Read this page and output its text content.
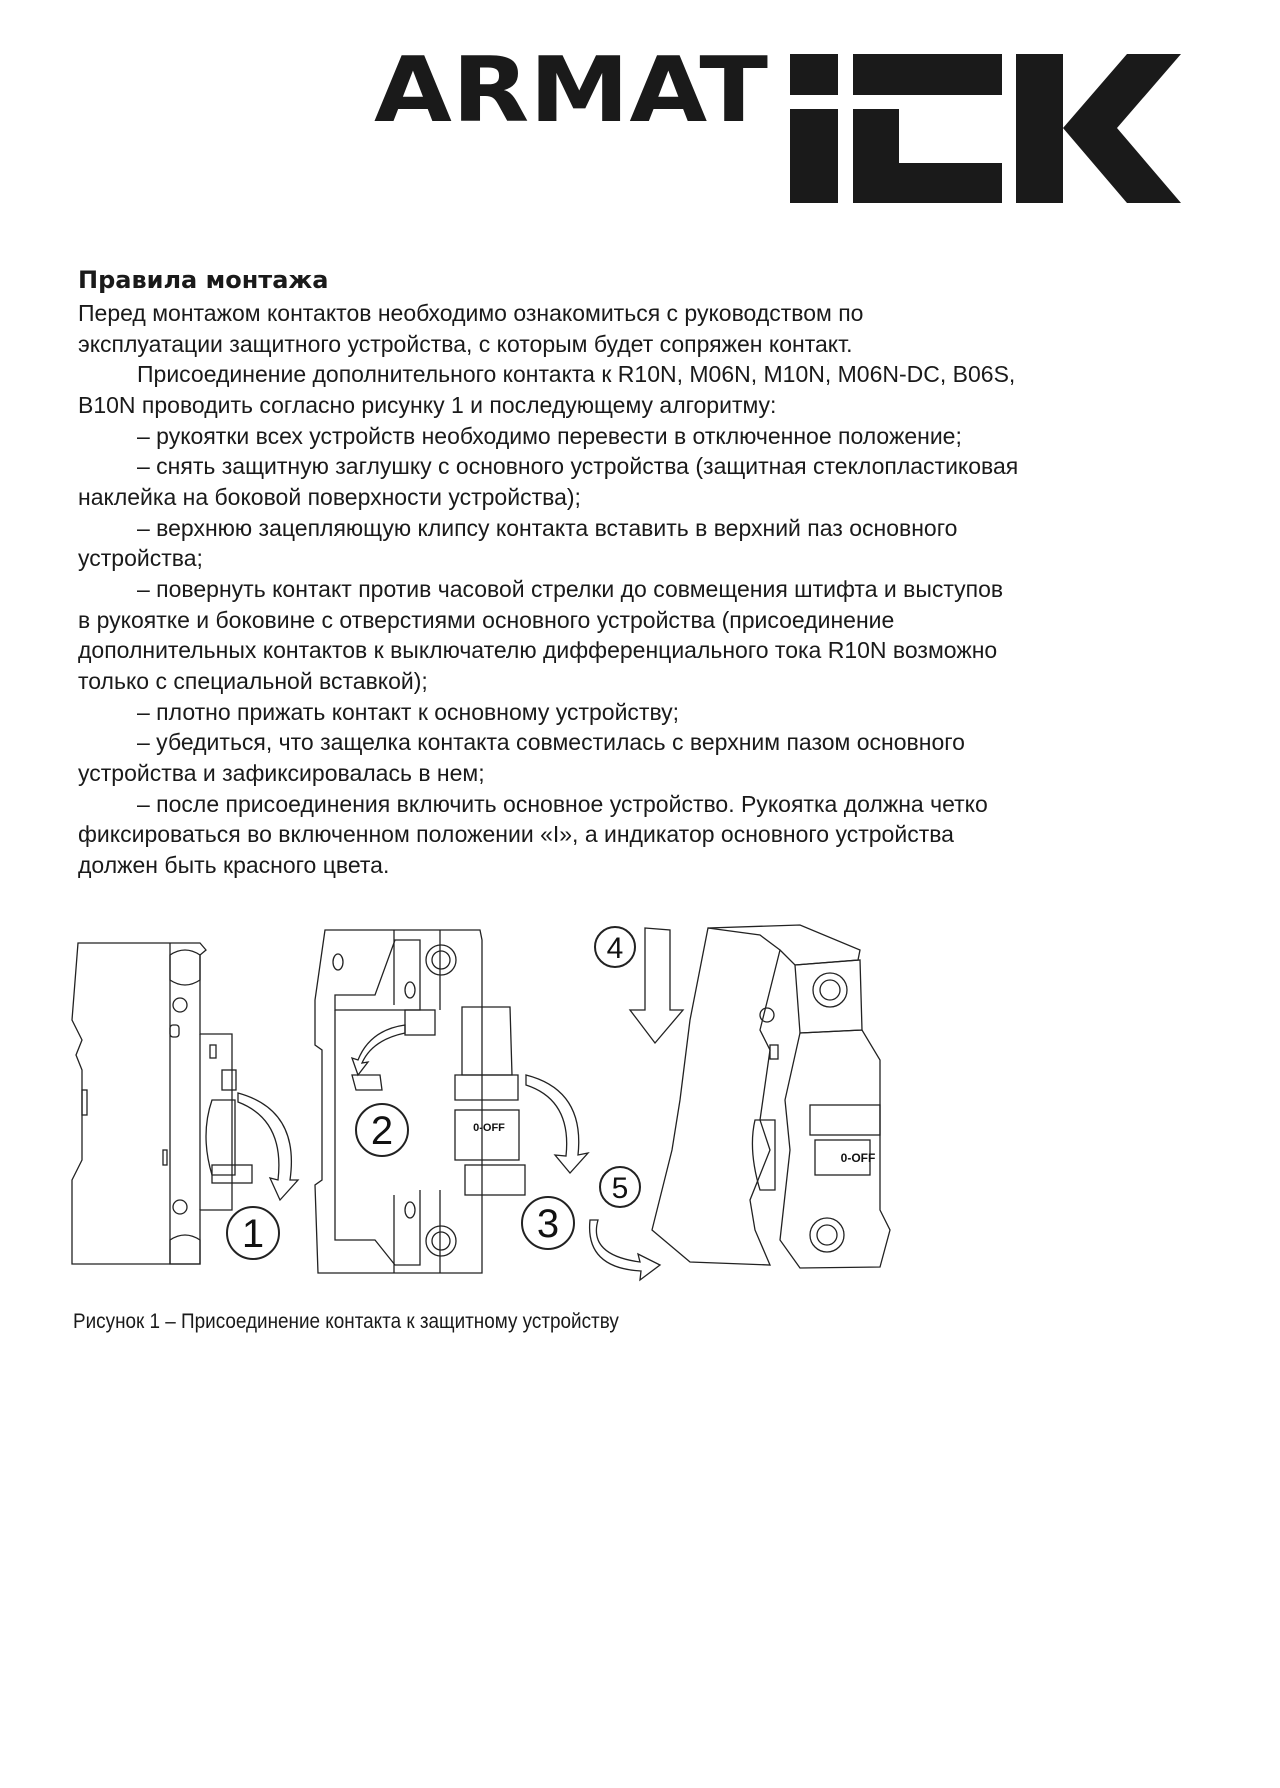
ARMAT
Правила монтажа
Перед монтажом контактов необходимо ознакомиться с руководством по
эксплуатации защитного устройства, с которым будет сопряжен контакт.
Присоединение дополнительного контакта к R10N, M06N, M10N, M06N-DC, B06S,
B10N проводить согласно рисунку 1 и последующему алгоритму:
– рукоятки всех устройств необходимо перевести в отключенное положение;
– снять защитную заглушку с основного устройства (защитная стеклопластиковая
наклейка на боковой поверхности устройства);
– верхнюю зацепляющую клипсу контакта вставить в верхний паз основного
устройства;
– повернуть контакт против часовой стрелки до совмещения штифта и выступов
в рукоятке и боковине с отверстиями основного устройства (присоединение
дополнительных контактов к выключателю дифференциального тока R10N возможно
только с специальной вставкой);
– плотно прижать контакт к основному устройству;
– убедиться, что защелка контакта совместилась с верхним пазом основного
устройства и зафиксировалась в нем;
– после присоединения включить основное устройство. Рукоятка должна четко
фиксироваться во включенном положении «I», а индикатор основного устройства
должен быть красного цвета.
1
0-OFF
2
3
4
5
0-OFF
Рисунок 1 – Присоединение контакта к защитному устройству
